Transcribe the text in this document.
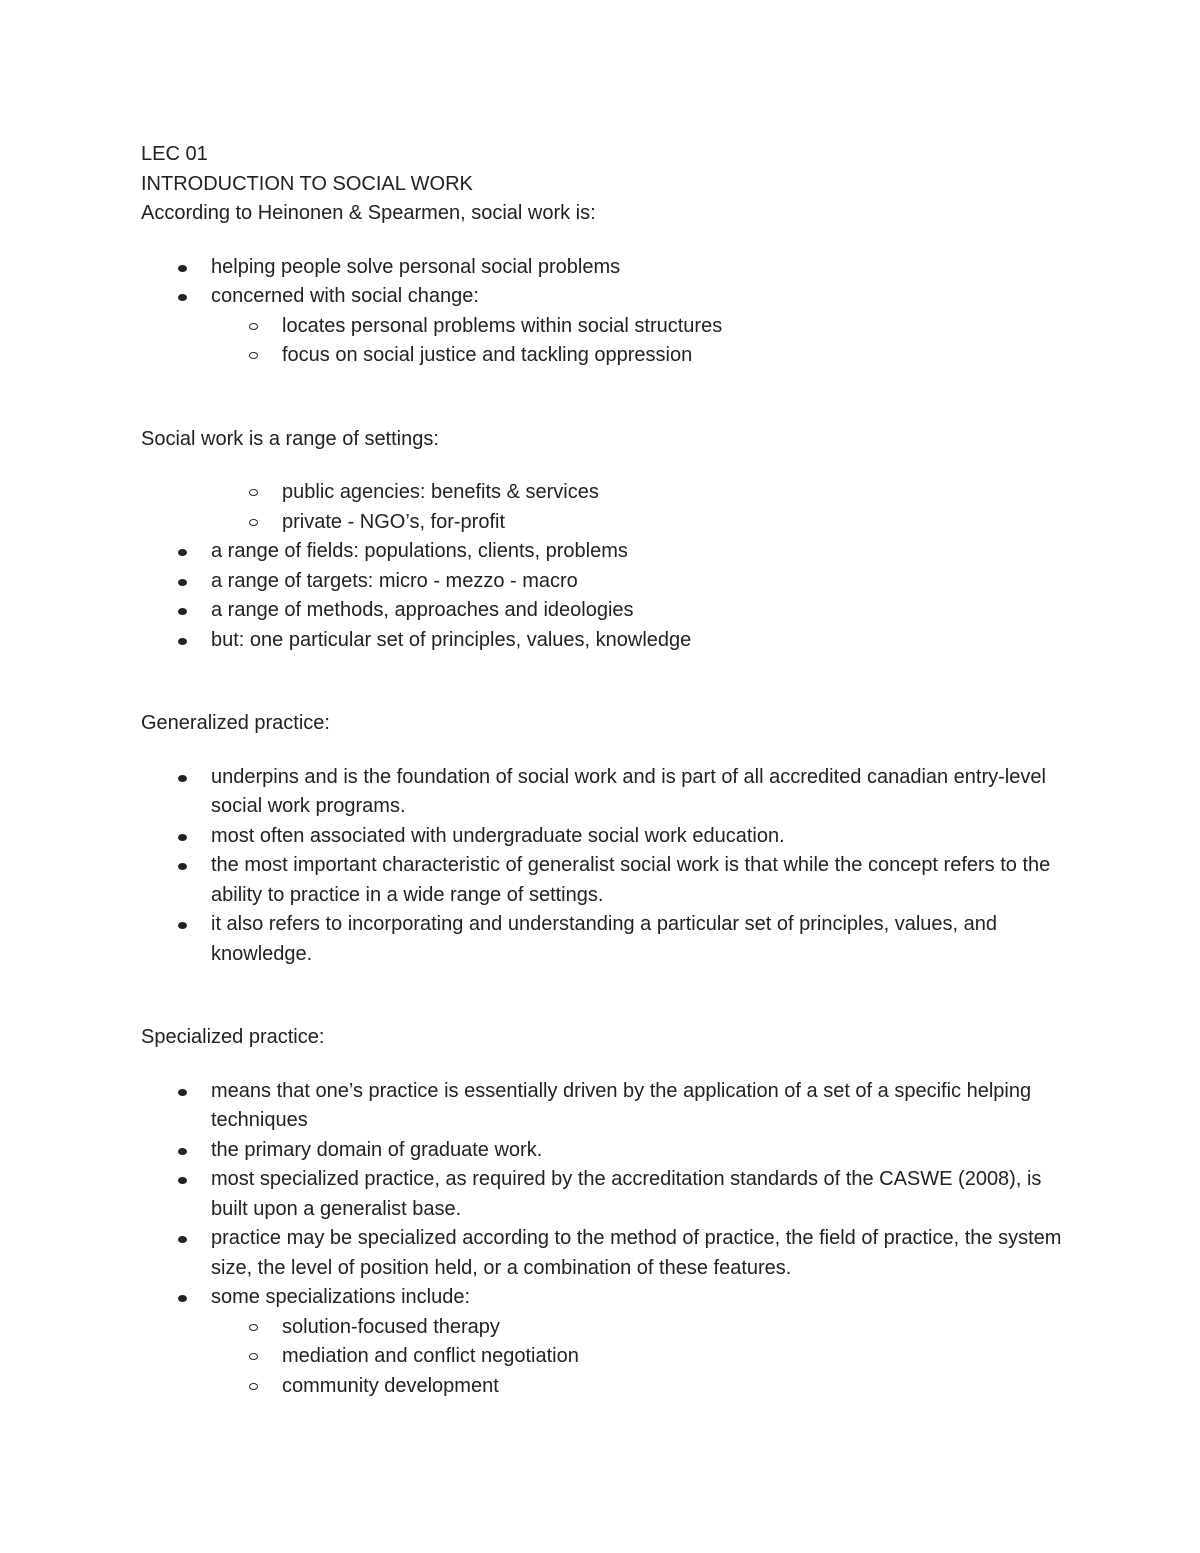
LEC 01

INTRODUCTION TO SOCIAL WORK

According to Heinonen & Spearmen, social work is:

helping people solve personal social problems
concerned with social change:
locates personal problems within social structures
focus on social justice and tackling oppression

Social work is a range of settings:

public agencies: benefits & services
private - NGO’s, for-profit
a range of fields: populations, clients, problems
a range of targets: micro - mezzo - macro
a range of methods, approaches and ideologies
but: one particular set of principles, values, knowledge

Generalized practice:

underpins and is the foundation of social work and is part of all accredited canadian entry-level social work programs.
most often associated with undergraduate social work education.
the most important characteristic of generalist social work is that while the concept refers to the ability to practice in a wide range of settings.
it also refers to incorporating and understanding a particular set of principles, values, and knowledge.

Specialized practice:

means that one’s practice is essentially driven by the application of a set of a specific helping techniques
the primary domain of graduate work.
most specialized practice, as required by the accreditation standards of the CASWE (2008), is built upon a generalist base.
practice may be specialized according to the method of practice, the field of practice, the system size, the level of position held, or a combination of these features.
some specializations include:
solution-focused therapy
mediation and conflict negotiation
community development
